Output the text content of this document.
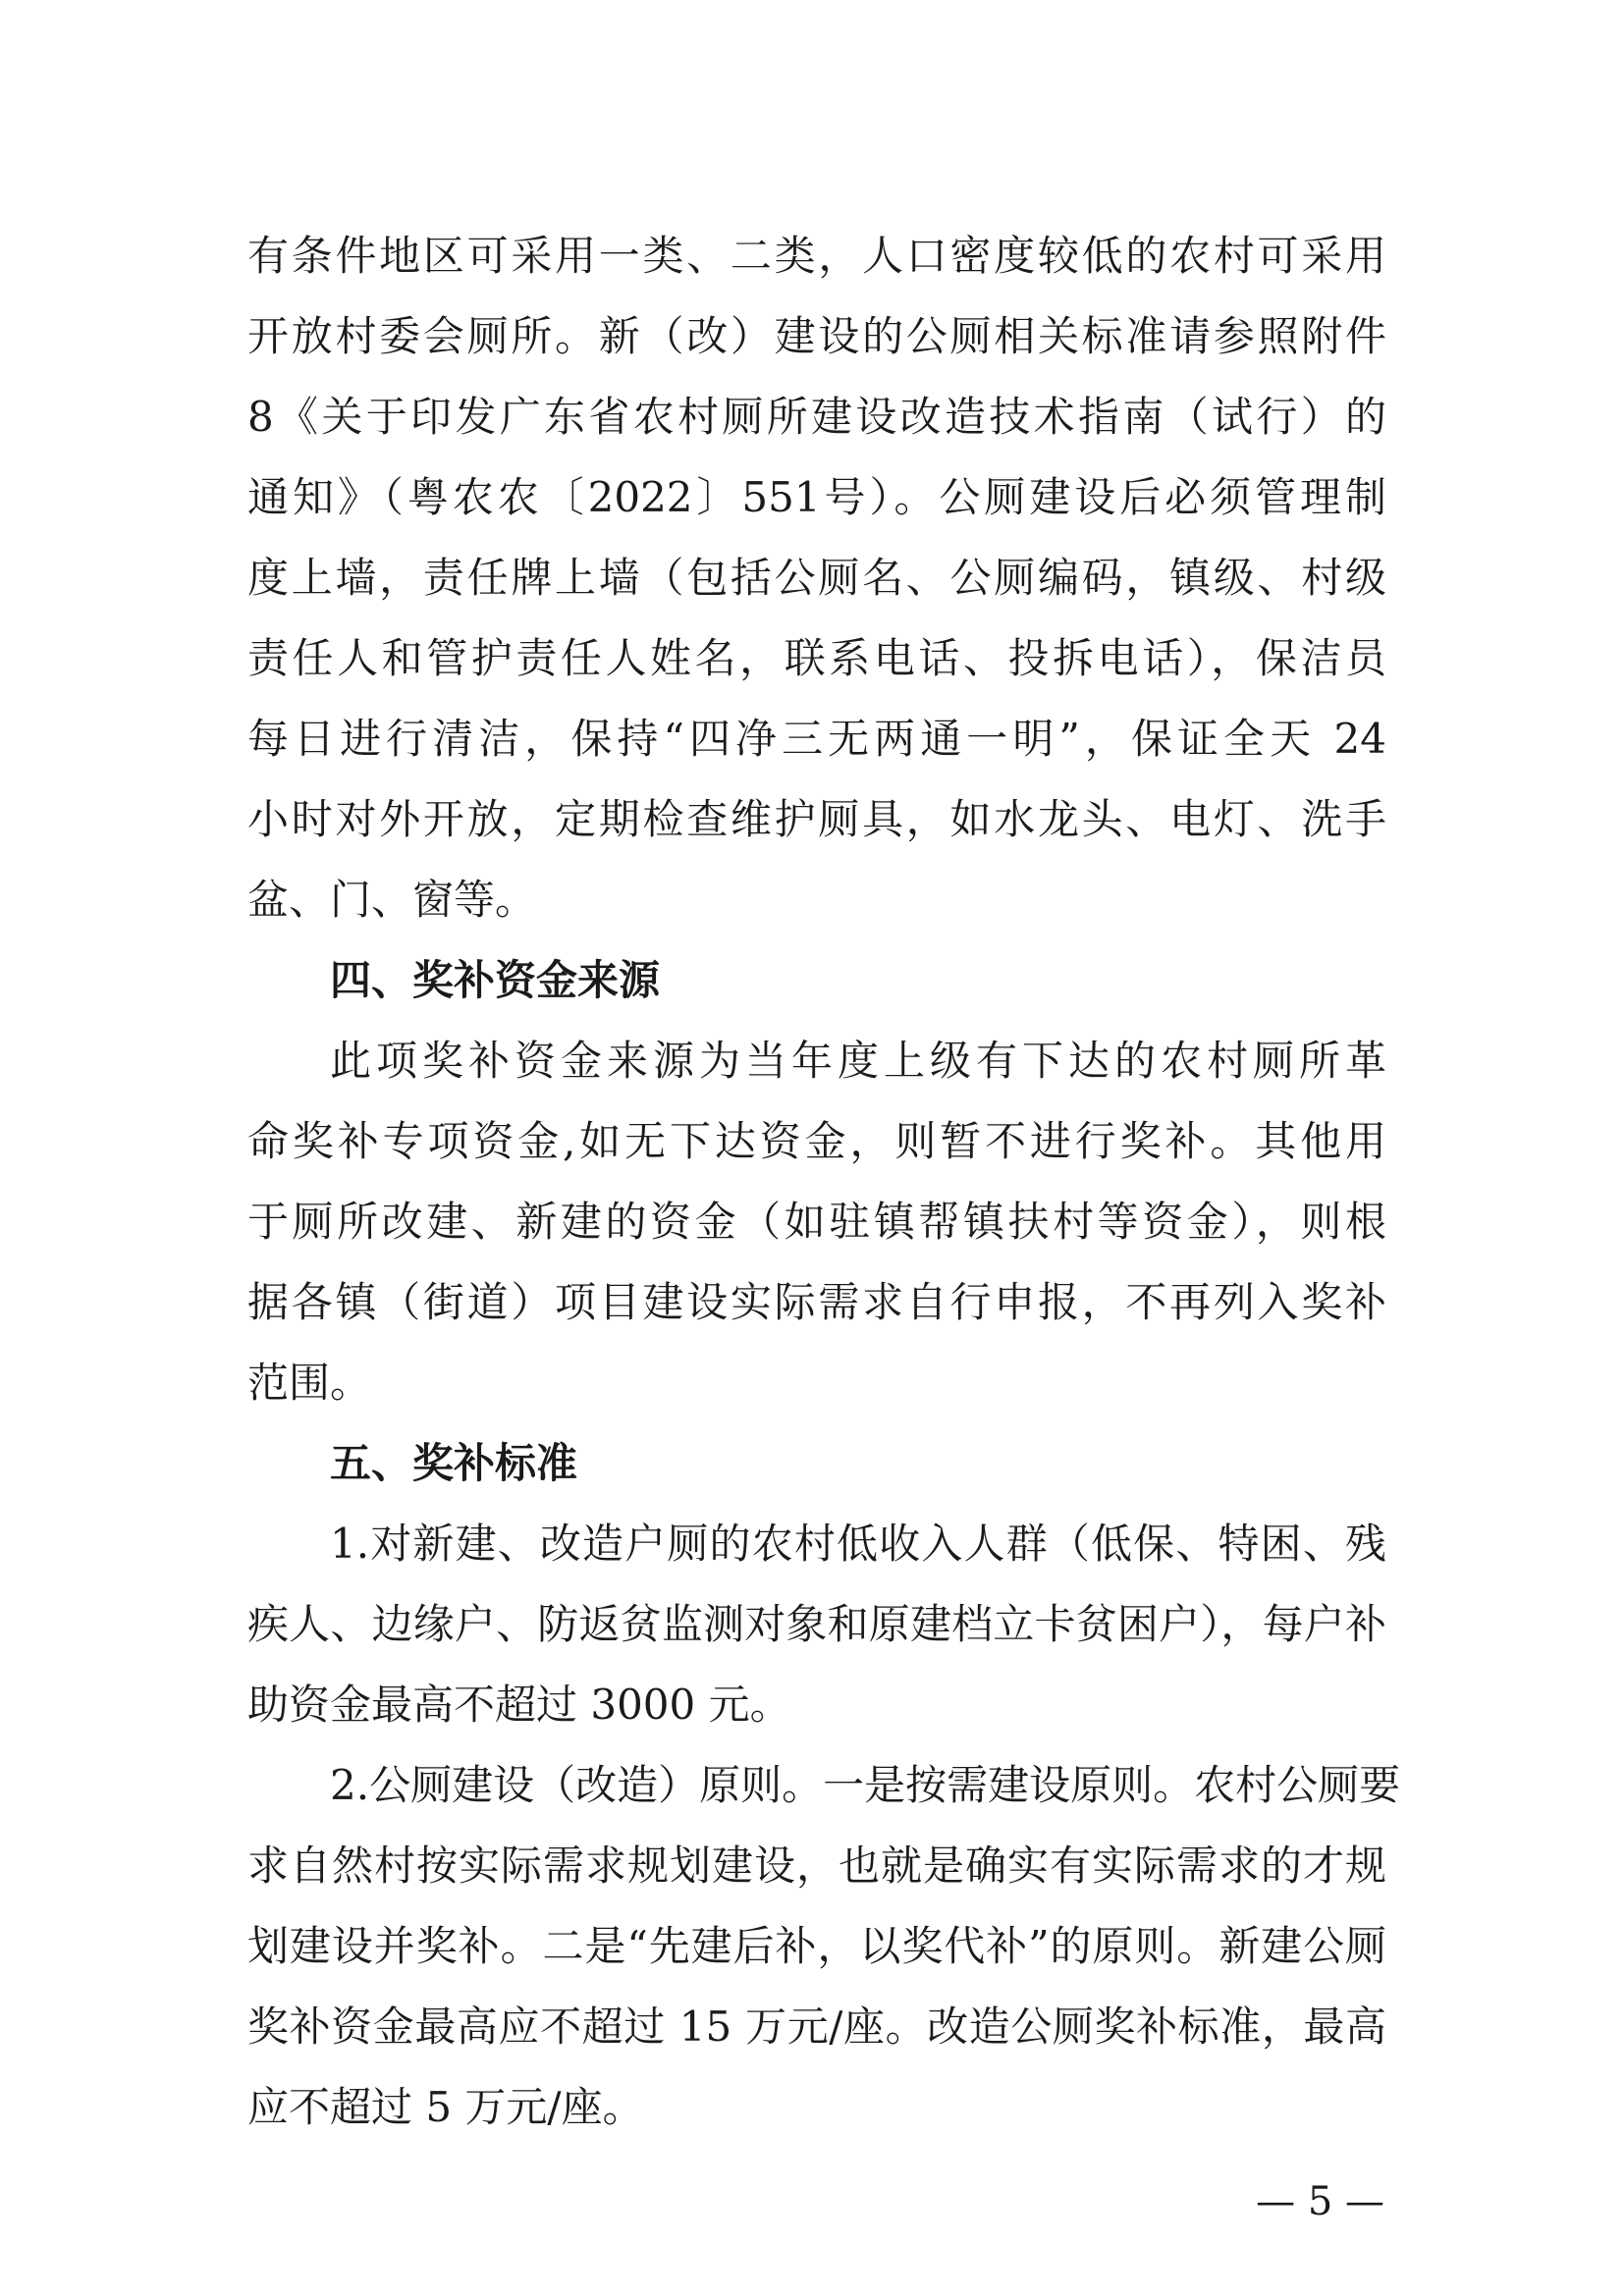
有条件地区可采用一类、二类，人口密度较低的农村可采用
开放村委会厕所。新（改）建设的公厕相关标准请参照附件
8《关于印发广东省农村厕所建设改造技术指南（试行）的
通知》（粤农农〔2022〕551号）。公厕建设后必须管理制
度上墙，责任牌上墙（包括公厕名、公厕编码，镇级、村级
责任人和管护责任人姓名，联系电话、投拆电话），保洁员
每日进行清洁，保持“四净三无两通一明”，保证全天 24
小时对外开放，定期检查维护厕具，如水龙头、电灯、洗手
盆、门、窗等。
四、奖补资金来源
此项奖补资金来源为当年度上级有下达的农村厕所革
命奖补专项资金,如无下达资金，则暂不进行奖补。其他用
于厕所改建、新建的资金（如驻镇帮镇扶村等资金），则根
据各镇（街道）项目建设实际需求自行申报，不再列入奖补
范围。
五、奖补标准
1.对新建、改造户厕的农村低收入人群（低保、特困、残
疾人、边缘户、防返贫监测对象和原建档立卡贫困户），每户补
助资金最高不超过 3000 元。
2.公厕建设（改造）原则。一是按需建设原则。农村公厕要
求自然村按实际需求规划建设，也就是确实有实际需求的才规
划建设并奖补。二是“先建后补，以奖代补”的原则。新建公厕
奖补资金最高应不超过 15 万元/座。改造公厕奖补标准，最高
应不超过 5 万元/座。
— 5 —
